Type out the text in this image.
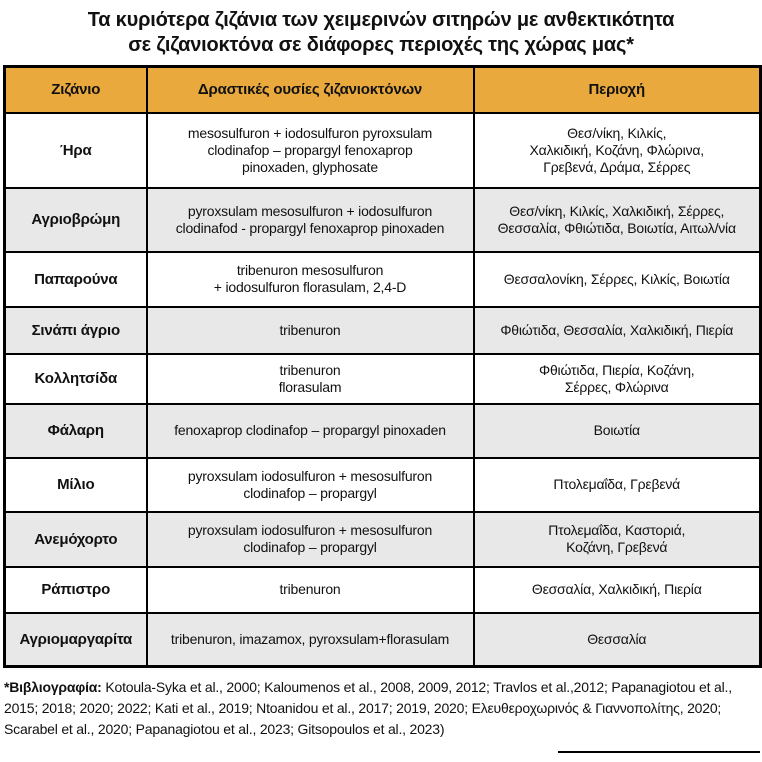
Τα κυριότερα ζιζάνια των χειμερινών σιτηρών με ανθεκτικότητα
σε ζιζανιοκτόνα σε διάφορες περιοχές της χώρας μας*
Ζιζάνιο	Δραστικές ουσίες ζιζανιοκτόνων	Περιοχή
Ήρα	mesosulfuron + iodosulfuron pyroxsulam
clodinafop – propargyl fenoxaprop
pinoxaden, glyphosate	Θεσ/νίκη, Κιλκίς,
Χαλκιδική, Κοζάνη, Φλώρινα,
Γρεβενά, Δράμα, Σέρρες
Αγριοβρώμη	pyroxsulam mesosulfuron + iodosulfuron
clodinafod - propargyl fenoxaprop pinoxaden	Θεσ/νίκη, Κιλκίς, Χαλκιδική, Σέρρες,
Θεσσαλία, Φθιώτιδα, Βοιωτία, Αιτωλ/νία
Παπαρούνα	tribenuron mesosulfuron
+ iodosulfuron florasulam, 2,4-D	Θεσσαλονίκη, Σέρρες, Κιλκίς, Βοιωτία
Σινάπι άγριο	tribenuron	Φθιώτιδα, Θεσσαλία, Χαλκιδική, Πιερία
Κολλητσίδα	tribenuron
florasulam	Φθιώτιδα, Πιερία, Κοζάνη,
Σέρρες, Φλώρινα
Φάλαρη	fenoxaprop clodinafop – propargyl pinoxaden	Βοιωτία
Μίλιο	pyroxsulam iodosulfuron + mesosulfuron
clodinafop – propargyl	Πτολεμαΐδα, Γρεβενά
Ανεμόχορτο	pyroxsulam iodosulfuron + mesosulfuron
clodinafop – propargyl	Πτολεμαΐδα, Καστοριά,
Κοζάνη, Γρεβενά
Ράπιστρο	tribenuron	Θεσσαλία, Χαλκιδική, Πιερία
Αγριομαργαρίτα	tribenuron, imazamox, pyroxsulam+florasulam	Θεσσαλία
*Βιβλιογραφία: Kotoula-Syka et al., 2000; Kaloumenos et al., 2008, 2009, 2012; Travlos et al.,2012; Papanagiotou et al., 2015; 2018; 2020; 2022; Kati et al., 2019; Ntoanidou et al., 2017; 2019, 2020; Ελευθεροχωρινός & Γιαννοπολίτης, 2020; Scarabel et al., 2020; Papanagiotou et al., 2023; Gitsopoulos et al., 2023)
